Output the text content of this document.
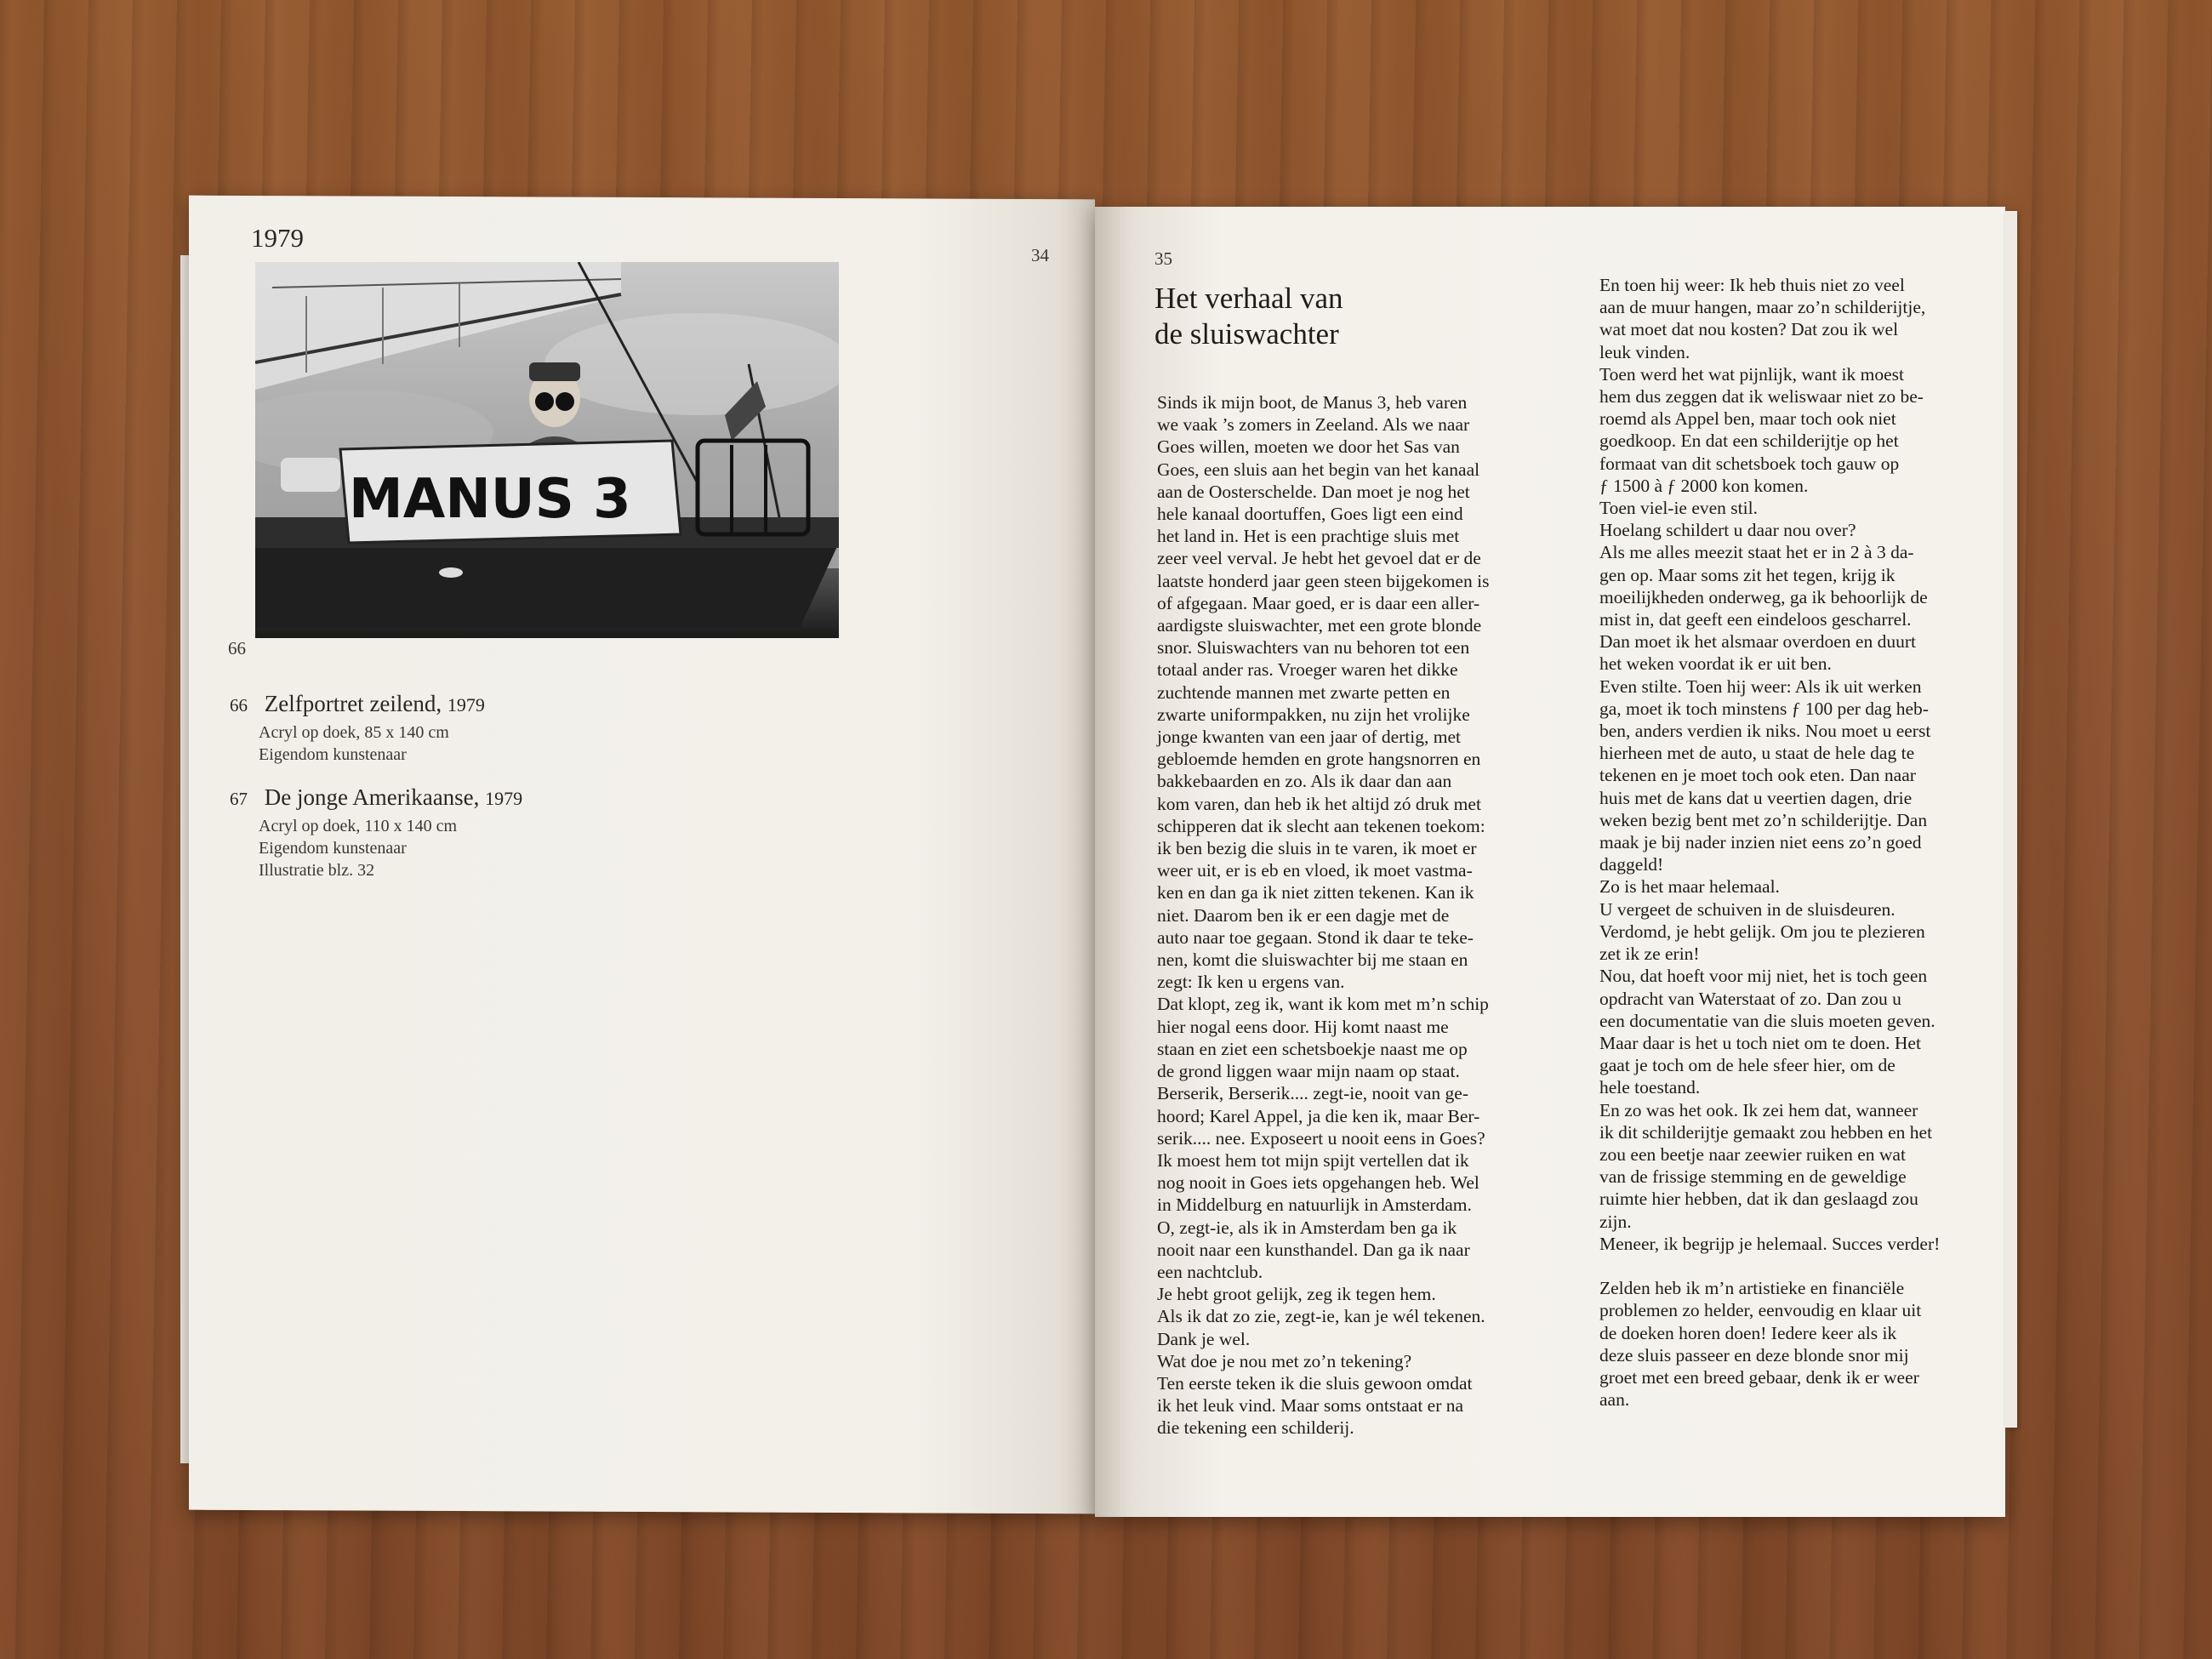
1979
34
MANUS 3
66
66 Zelfportret zeilend, 1979
Acryl op doek, 85 x 140 cm
Eigendom kunstenaar
67 De jonge Amerikaanse, 1979
Acryl op doek, 110 x 140 cm
Eigendom kunstenaar
Illustratie blz. 32
35
Het verhaal van
de sluiswachter
Sinds ik mijn boot, de Manus 3, heb varen
we vaak ’s zomers in Zeeland. Als we naar
Goes willen, moeten we door het Sas van
Goes, een sluis aan het begin van het kanaal
aan de Oosterschelde. Dan moet je nog het
hele kanaal doortuffen, Goes ligt een eind
het land in. Het is een prachtige sluis met
zeer veel verval. Je hebt het gevoel dat er de
laatste honderd jaar geen steen bijgekomen is
of afgegaan. Maar goed, er is daar een aller-
aardigste sluiswachter, met een grote blonde
snor. Sluiswachters van nu behoren tot een
totaal ander ras. Vroeger waren het dikke
zuchtende mannen met zwarte petten en
zwarte uniformpakken, nu zijn het vrolijke
jonge kwanten van een jaar of dertig, met
gebloemde hemden en grote hangsnorren en
bakkebaarden en zo. Als ik daar dan aan
kom varen, dan heb ik het altijd zó druk met
schipperen dat ik slecht aan tekenen toekom:
ik ben bezig die sluis in te varen, ik moet er
weer uit, er is eb en vloed, ik moet vastma-
ken en dan ga ik niet zitten tekenen. Kan ik
niet. Daarom ben ik er een dagje met de
auto naar toe gegaan. Stond ik daar te teke-
nen, komt die sluiswachter bij me staan en
zegt: Ik ken u ergens van.
Dat klopt, zeg ik, want ik kom met m’n schip
hier nogal eens door. Hij komt naast me
staan en ziet een schetsboekje naast me op
de grond liggen waar mijn naam op staat.
Berserik, Berserik.... zegt-ie, nooit van ge-
hoord; Karel Appel, ja die ken ik, maar Ber-
serik.... nee. Exposeert u nooit eens in Goes?
Ik moest hem tot mijn spijt vertellen dat ik
nog nooit in Goes iets opgehangen heb. Wel
in Middelburg en natuurlijk in Amsterdam.
O, zegt-ie, als ik in Amsterdam ben ga ik
nooit naar een kunsthandel. Dan ga ik naar
een nachtclub.
Je hebt groot gelijk, zeg ik tegen hem.
Als ik dat zo zie, zegt-ie, kan je wél tekenen.
Dank je wel.
Wat doe je nou met zo’n tekening?
Ten eerste teken ik die sluis gewoon omdat
ik het leuk vind. Maar soms ontstaat er na
die tekening een schilderij.
En toen hij weer: Ik heb thuis niet zo veel
aan de muur hangen, maar zo’n schilderijtje,
wat moet dat nou kosten? Dat zou ik wel
leuk vinden.
Toen werd het wat pijnlijk, want ik moest
hem dus zeggen dat ik weliswaar niet zo be-
roemd als Appel ben, maar toch ook niet
goedkoop. En dat een schilderijtje op het
formaat van dit schetsboek toch gauw op
ƒ 1500 à ƒ 2000 kon komen.
Toen viel-ie even stil.
Hoelang schildert u daar nou over?
Als me alles meezit staat het er in 2 à 3 da-
gen op. Maar soms zit het tegen, krijg ik
moeilijkheden onderweg, ga ik behoorlijk de
mist in, dat geeft een eindeloos gescharrel.
Dan moet ik het alsmaar overdoen en duurt
het weken voordat ik er uit ben.
Even stilte. Toen hij weer: Als ik uit werken
ga, moet ik toch minstens ƒ 100 per dag heb-
ben, anders verdien ik niks. Nou moet u eerst
hierheen met de auto, u staat de hele dag te
tekenen en je moet toch ook eten. Dan naar
huis met de kans dat u veertien dagen, drie
weken bezig bent met zo’n schilderijtje. Dan
maak je bij nader inzien niet eens zo’n goed
daggeld!
Zo is het maar helemaal.
U vergeet de schuiven in de sluisdeuren.
Verdomd, je hebt gelijk. Om jou te plezieren
zet ik ze erin!
Nou, dat hoeft voor mij niet, het is toch geen
opdracht van Waterstaat of zo. Dan zou u
een documentatie van die sluis moeten geven.
Maar daar is het u toch niet om te doen. Het
gaat je toch om de hele sfeer hier, om de
hele toestand.
En zo was het ook. Ik zei hem dat, wanneer
ik dit schilderijtje gemaakt zou hebben en het
zou een beetje naar zeewier ruiken en wat
van de frissige stemming en de geweldige
ruimte hier hebben, dat ik dan geslaagd zou
zijn.
Meneer, ik begrijp je helemaal. Succes verder!

Zelden heb ik m’n artistieke en financiële
problemen zo helder, eenvoudig en klaar uit
de doeken horen doen! Iedere keer als ik
deze sluis passeer en deze blonde snor mij
groet met een breed gebaar, denk ik er weer
aan.
